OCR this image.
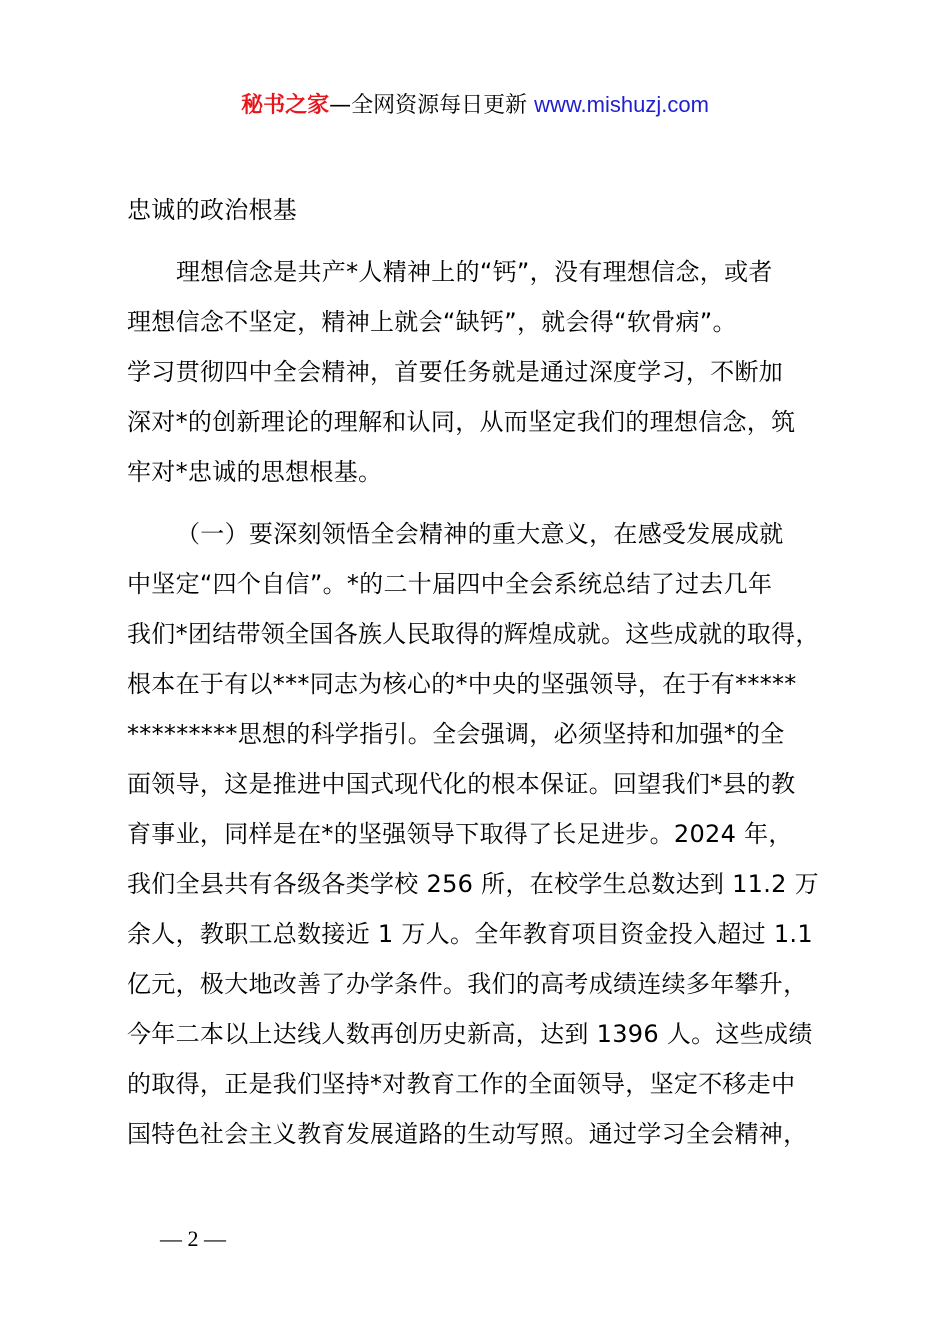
秘书之家—全网资源每日更新 www.mishuzj.com
忠诚的政治根基
理想信念是共产*人精神上的“钙”，没有理想信念，或者
理想信念不坚定，精神上就会“缺钙”，就会得“软骨病”。
学习贯彻四中全会精神，首要任务就是通过深度学习，不断加
深对*的创新理论的理解和认同，从而坚定我们的理想信念，筑
牢对*忠诚的思想根基。
（一）要深刻领悟全会精神的重大意义，在感受发展成就
中坚定“四个自信”。*的二十届四中全会系统总结了过去几年
我们*团结带领全国各族人民取得的辉煌成就。这些成就的取得，
根本在于有以***同志为核心的*中央的坚强领导，在于有*****
*********思想的科学指引。全会强调，必须坚持和加强*的全
面领导，这是推进中国式现代化的根本保证。回望我们*县的教
育事业，同样是在*的坚强领导下取得了长足进步。2024 年，
我们全县共有各级各类学校 256 所，在校学生总数达到 11.2 万
余人，教职工总数接近 1 万人。全年教育项目资金投入超过 1.1
亿元，极大地改善了办学条件。我们的高考成绩连续多年攀升，
今年二本以上达线人数再创历史新高，达到 1396 人。这些成绩
的取得，正是我们坚持*对教育工作的全面领导，坚定不移走中
国特色社会主义教育发展道路的生动写照。通过学习全会精神，
— 2 —
